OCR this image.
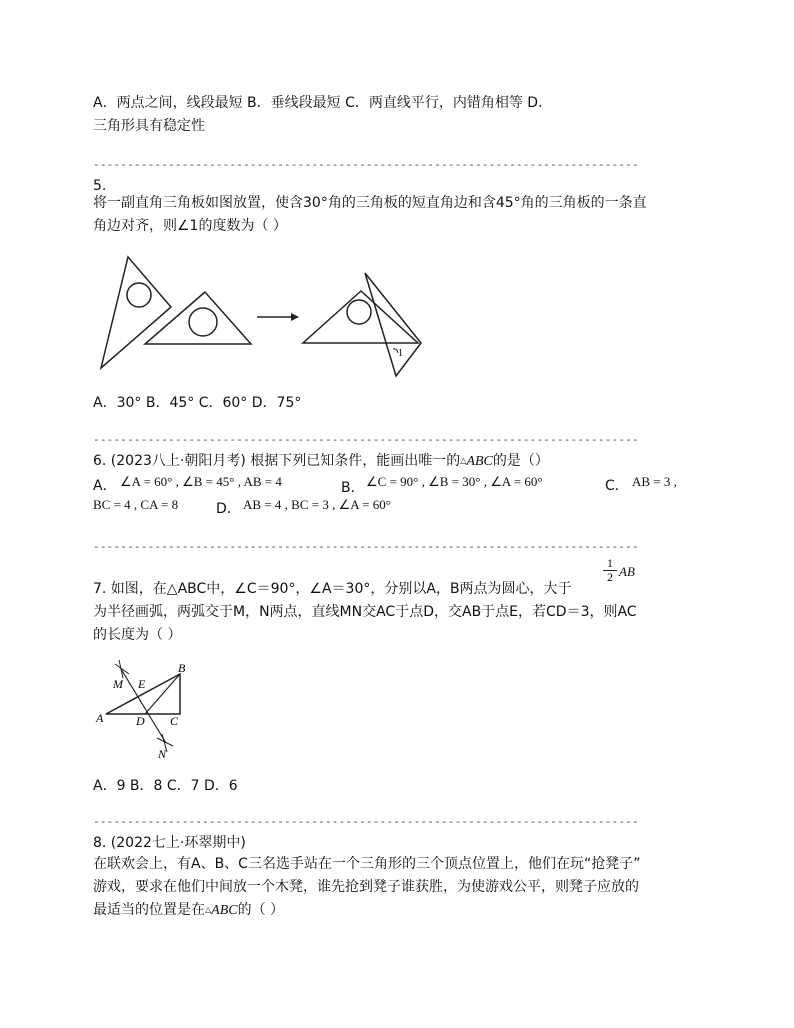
A．两点之间，线段最短 B．垂线段最短 C．两直线平行，内错角相等 D．
三角形具有稳定性
--------------------------------------------------------------------------------
5.
将一副直角三角板如图放置，使含30°角的三角板的短直角边和含45°角的三角板的一条直
角边对齐，则∠1的度数为（ ）
1
A．30° B．45° C．60° D．75°
--------------------------------------------------------------------------------
6. (2023八上·朝阳月考) 根据下列已知条件，能画出唯一的△ABC的是（）
A． ∠A = 60° , ∠B = 45° , AB = 4	B． ∠C = 90° , ∠B = 30° , ∠A = 60°	C． AB = 3 ,
BC = 4 , CA = 8	D． AB = 4 , BC = 3 , ∠A = 60°
--------------------------------------------------------------------------------
7. 如图，在△ABC中，∠C＝90°，∠A＝30°，分别以A，B两点为圆心，大于
1
2 AB
为半径画弧，两弧交于M，N两点，直线MN交AC于点D，交AB于点E，若CD＝3，则AC
的长度为（ ）
M E
B
A	D C
N
A．9 B．8 C．7 D．6
--------------------------------------------------------------------------------
8. (2022七上·环翠期中)
在联欢会上，有A、B、C三名选手站在一个三角形的三个顶点位置上，他们在玩“抢凳子”
游戏，要求在他们中间放一个木凳，谁先抢到凳子谁获胜，为使游戏公平，则凳子应放的
最适当的位置是在△ABC的（ ）
